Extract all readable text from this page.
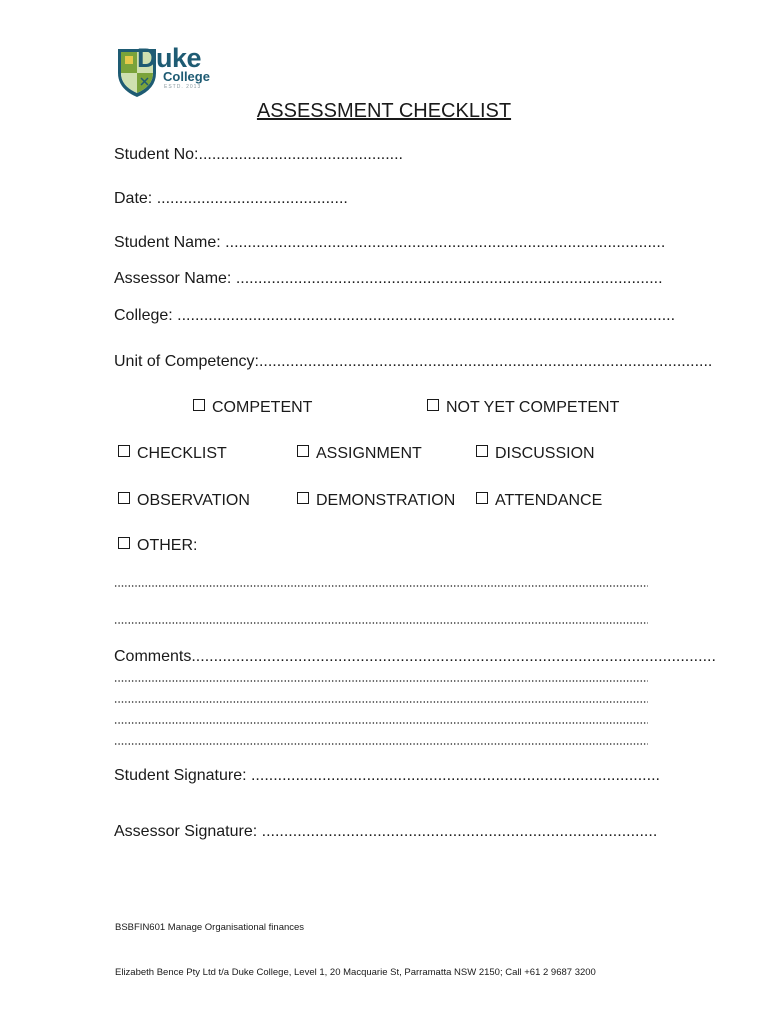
Duke
College
ESTD. 2013
ASSESSMENT CHECKLIST
Student No:..............................................
Date: ...........................................
Student Name: ...................................................................................................
Assessor Name: ................................................................................................
College: ................................................................................................................
Unit of Competency:......................................................................................................
COMPETENT	NOT YET COMPETENT
CHECKLIST	ASSIGNMENT	DISCUSSION
OBSERVATION	DEMONSTRATION	ATTENDANCE
OTHER:
Comments......................................................................................................................
Student Signature: ............................................................................................
Assessor Signature: .........................................................................................
BSBFIN601 Manage Organisational finances
Elizabeth Bence Pty Ltd t/a Duke College, Level 1, 20 Macquarie St, Parramatta NSW 2150; Call +61 2 9687 3200
